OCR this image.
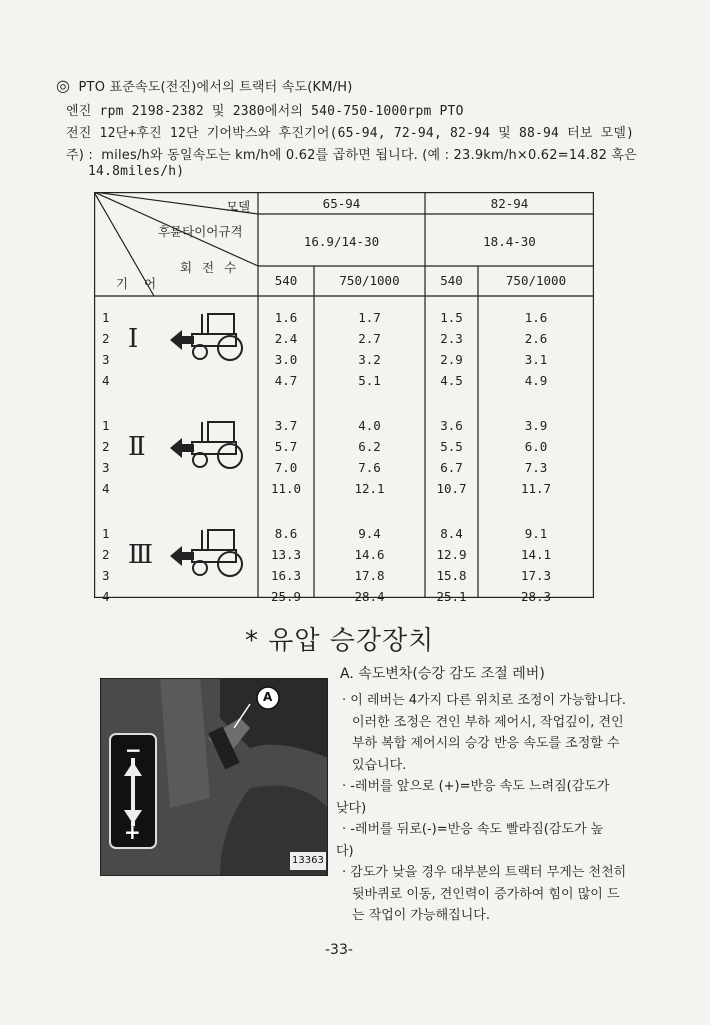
◎ PTO 표준속도(전진)에서의 트랙터 속도(KM/H)
엔진 rpm 2198-2382 및 2380에서의 540-750-1000rpm PTO
전진 12단+후진 12단 기어박스와 후진기어(65-94, 72-94, 82-94 및 88-94 터보 모델)
주) : miles/h와 동일속도는 km/h에 0.62를 곱하면 됩니다. (예 : 23.9km/h×0.62=14.82 혹은
14.8miles/h)
모델
후륜타이어규격
회 전 수
기 어
65-94	82-94
16.9/14-30	18.4-30
540	750/1000	540	750/1000
1	1.6	1.7	1.5	1.6
2	2.4	2.7	2.3	2.6
3	3.0	3.2	2.9	3.1
4	4.7	5.1	4.5	4.9
Ⅰ
1	3.7	4.0	3.6	3.9
2	5.7	6.2	5.5	6.0
3	7.0	7.6	6.7	7.3
4	11.0	12.1	10.7	11.7
Ⅱ
1	8.6	9.4	8.4	9.1
2	13.3	14.6	12.9	14.1
3	16.3	17.8	15.8	17.3
4	25.9	28.4	25.1	28.3
Ⅲ
* 유압 승강장치
A. 속도변차(승강 감도 조절 레버)
−
+
A
13363
· 이 레버는 4가지 다른 위치로 조정이 가능합니다.
이러한 조정은 견인 부하 제어시, 작업깊이, 견인
부하 복합 제어시의 승강 반응 속도를 조정할 수
있습니다.
· -레버를 앞으로 (+)=반응 속도 느려짐(감도가
낮다)
· -레버를 뒤로(-)=반응 속도 빨라짐(감도가 높
다)
· 감도가 낮을 경우 대부분의 트랙터 무게는 천천히
뒷바퀴로 이동, 견인력이 증가하여 힘이 많이 드
는 작업이 가능해집니다.
-33-
